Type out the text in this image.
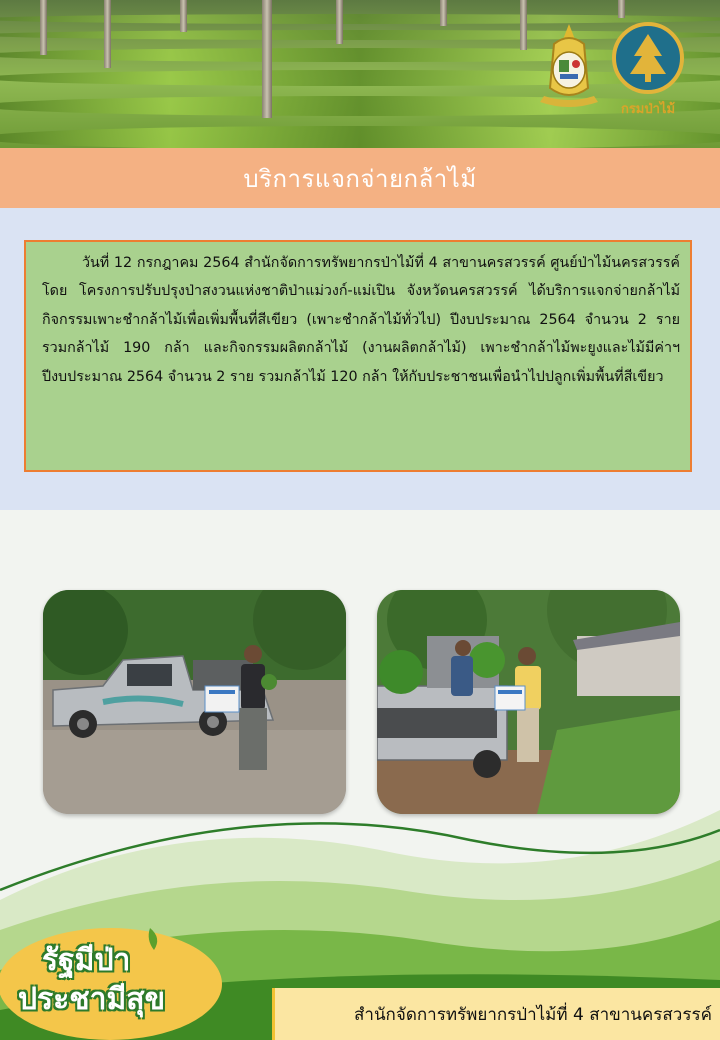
กรมป่าไม้
บริการแจกจ่ายกล้าไม้

วันที่ 12 กรกฎาคม 2564 สำนักจัดการทรัพยากรป่าไม้ที่ 4 สาขานครสวรรค์ ศูนย์ป่าไม้นครสวรรค์โดย โครงการปรับปรุงป่าสงวนแห่งชาติป่าแม่วงก์-แม่เปิน จังหวัดนครสวรรค์ ได้บริการแจกจ่ายกล้าไม้ กิจกรรมเพาะชำกล้าไม้เพื่อเพิ่มพื้นที่สีเขียว (เพาะชำกล้าไม้ทั่วไป) ปีงบประมาณ 2564 จำนวน 2 ราย รวมกล้าไม้ 190 กล้า และกิจกรรมผลิตกล้าไม้ (งานผลิตกล้าไม้) เพาะชำกล้าไม้พะยูงและไม้มีค่าฯ ปีงบประมาณ 2564 จำนวน 2 ราย รวมกล้าไม้ 120 กล้า ให้กับประชาชนเพื่อนำไปปลูกเพิ่มพื้นที่สีเขียว

รัฐมีป่า
ประชามีสุข	สำนักจัดการทรัพยากรป่าไม้ที่ 4 สาขานครสวรรค์
